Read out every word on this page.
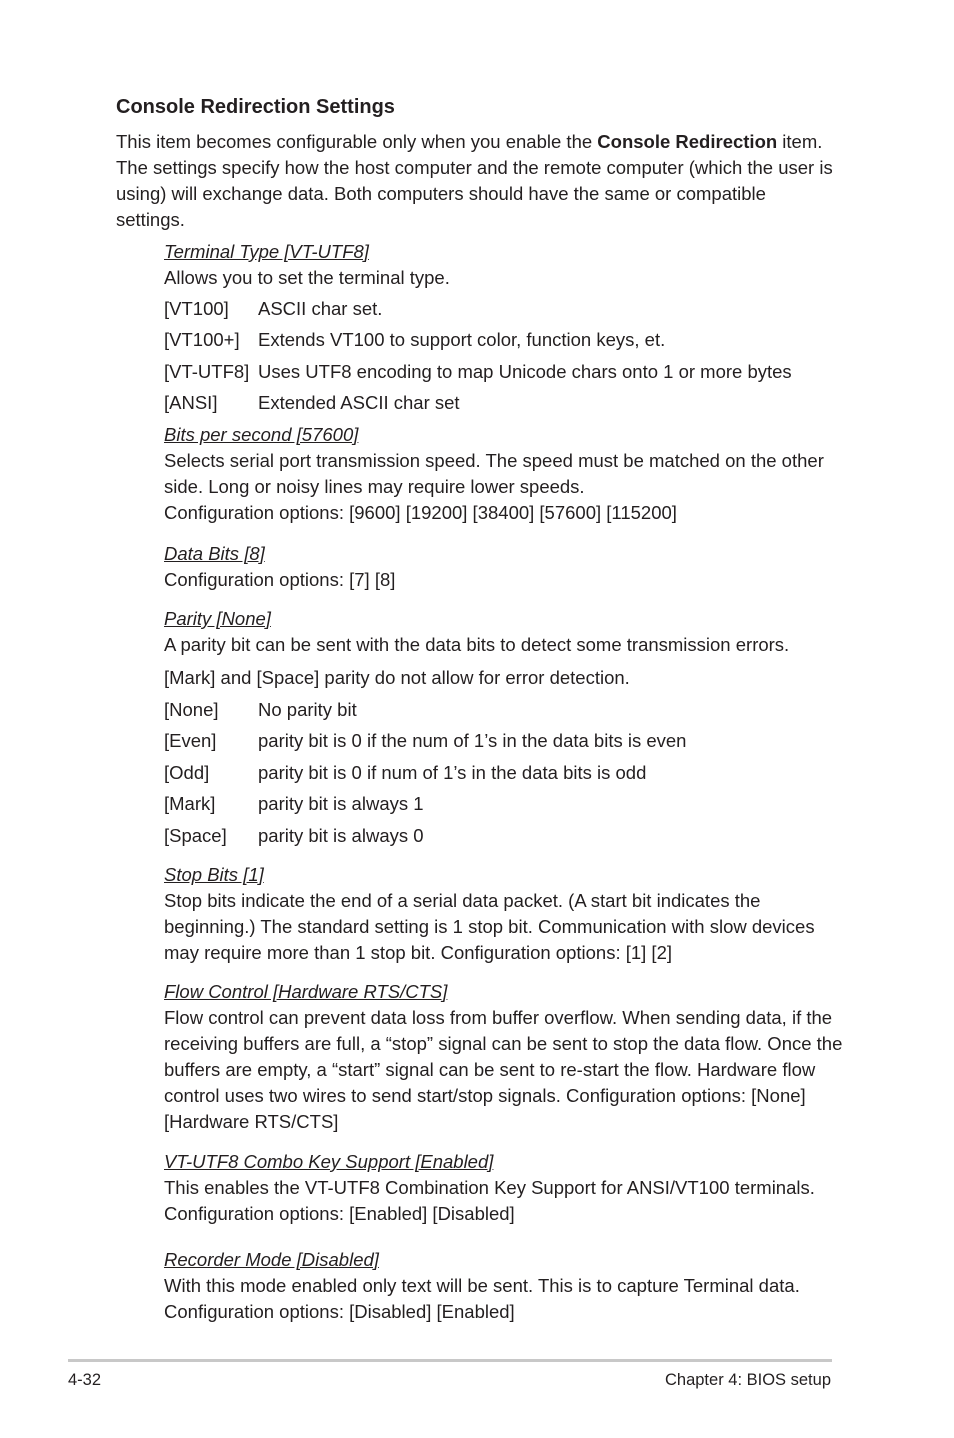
Console Redirection Settings

This item becomes configurable only when you enable the Console Redirection item. The settings specify how the host computer and the remote computer (which the user is using) will exchange data. Both computers should have the same or compatible settings.

Terminal Type [VT-UTF8]

Allows you to set the terminal type.

[VT100]	ASCII char set.
[VT100+] Extends VT100 to support color, function keys, et.
[VT-UTF8] Uses UTF8 encoding to map Unicode chars onto 1 or more bytes
[ANSI]	Extended ASCII char set
Bits per second [57600]

Selects serial port transmission speed. The speed must be matched on the other side. Long or noisy lines may require lower speeds.

Configuration options: [9600] [19200] [38400] [57600] [115200]

Data Bits [8]

Configuration options: [7] [8]

Parity [None]

A parity bit can be sent with the data bits to detect some transmission errors.

[Mark] and [Space] parity do not allow for error detection.

[None]	No parity bit
[Even]	parity bit is 0 if the num of 1’s in the data bits is even
[Odd]	parity bit is 0 if num of 1’s in the data bits is odd
[Mark]	parity bit is always 1
[Space]	parity bit is always 0
Stop Bits [1]

Stop bits indicate the end of a serial data packet. (A start bit indicates the beginning.) The standard setting is 1 stop bit. Communication with slow devices may require more than 1 stop bit. Configuration options: [1] [2]

Flow Control [Hardware RTS/CTS]

Flow control can prevent data loss from buffer overflow. When sending data, if the receiving buffers are full, a “stop” signal can be sent to stop the data flow. Once the buffers are empty, a “start” signal can be sent to re-start the flow. Hardware flow control uses two wires to send start/stop signals. Configuration options: [None] [Hardware RTS/CTS]

VT-UTF8 Combo Key Support [Enabled]

This enables the VT-UTF8 Combination Key Support for ANSI/VT100 terminals. Configuration options: [Enabled] [Disabled]

Recorder Mode [Disabled]

With this mode enabled only text will be sent. This is to capture Terminal data. Configuration options: [Disabled] [Enabled]

4-32	Chapter 4: BIOS setup
